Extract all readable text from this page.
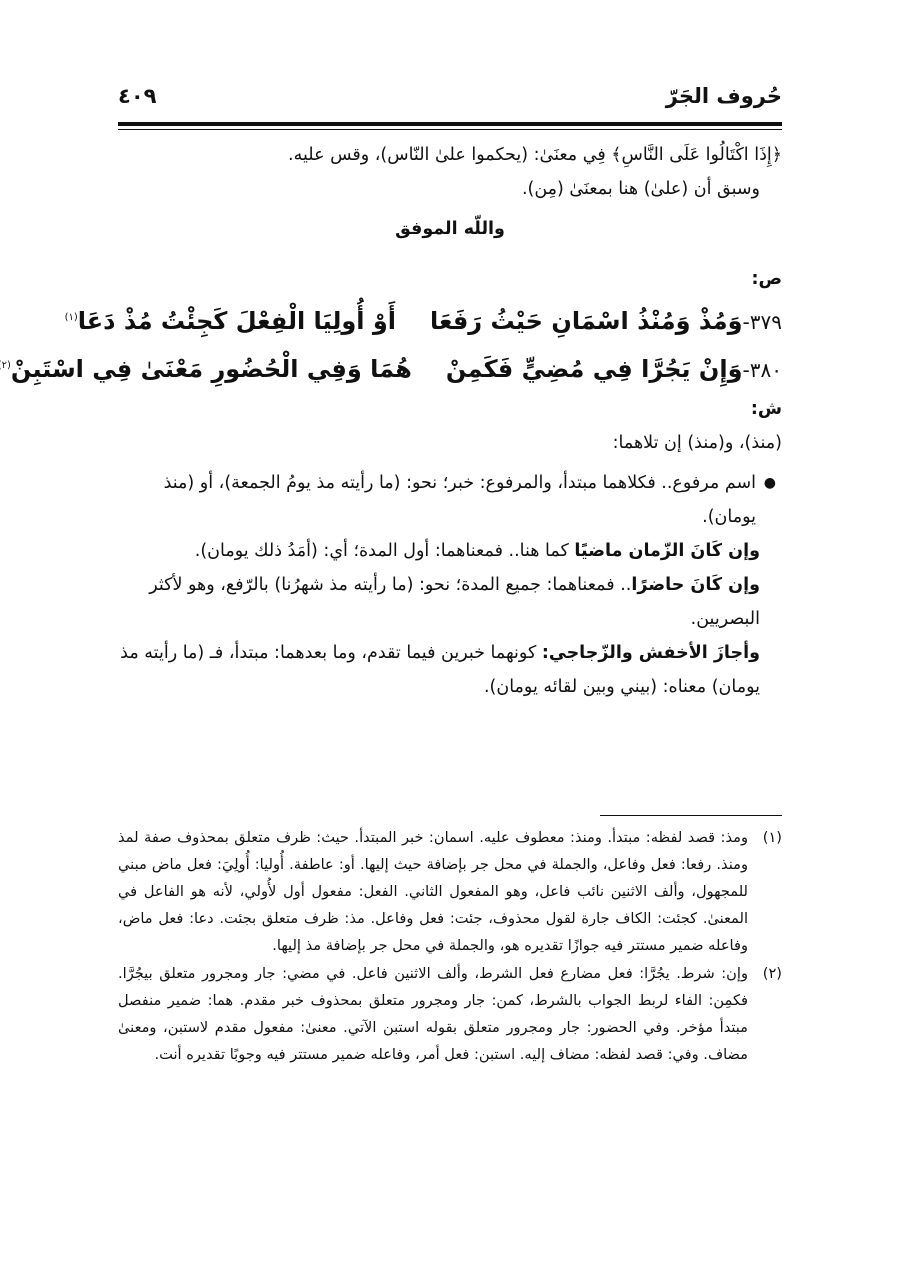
حُروف الجَرّ
٤٠٩

﴿إِذَا اكْتَالُوا عَلَى النَّاسِ﴾ فِي معنَىٰ: (يحكموا علىٰ النّاس)، وقس عليه.

وسبق أن (علىٰ) هنا بمعنَىٰ (مِن).

واللّه الموفق

ص:

٣٧٩-وَمُذْ وَمُنْذُ اسْمَانِ حَيْثُ رَفَعَاأَوْ أُولِيَا الْفِعْلَ كَجِئْتُ مُذْ دَعَا$^{(١)}$

٣٨٠-وَإِنْ يَجُرَّا فِي مُضِيٍّ فَكَمِنْهُمَا وَفِي الْحُضُورِ مَعْنَىٰ فِي اسْتَبِنْ$^{(٢}$

ش:

(منذ)، و(منذ) إن تلاهما:

●
اسم مرفوع.. فكلاهما مبتدأ، والمرفوع: خبر؛ نحو: (ما رأيته مذ يومُ الجمعة)، أو (منذ يومان).

وإن كَانَ الزّمان ماضيًا كما هنا.. فمعناهما: أول المدة؛ أي: (أمَدُ ذلك يومان).

وإن كَانَ حاضرًا.. فمعناهما: جميع المدة؛ نحو: (ما رأيته مذ شهرُنا) بالرّفع، وهو لأكثر البصريين.

وأجازَ الأخفش والزّجاجي: كونهما خبرين فيما تقدم، وما بعدهما: مبتدأ، فـ (ما رأيته مذ يومان) معناه: (بيني وبين لقائه يومان).

(١)
ومذ: قصد لفظه: مبتدأ. ومنذ: معطوف عليه. اسمان: خبر المبتدأ. حيث: ظرف متعلق بمحذوف صفة لمذ ومنذ. رفعا: فعل وفاعل، والجملة في محل جر بإضافة حيث إليها. أو: عاطفة. أُوليا: أُولِيَ: فعل ماض مبني للمجهول، وألف الاثنين نائب فاعل، وهو المفعول الثاني. الفعل: مفعول أول لأُولي، لأنه هو الفاعل في المعنىٰ. كجئت: الكاف جارة لقول محذوف، جئت: فعل وفاعل. مذ: ظرف متعلق بجئت. دعا: فعل ماض، وفاعله ضمير مستتر فيه جوازًا تقديره هو، والجملة في محل جر بإضافة مذ إليها.

(٢)
وإن: شرط. يجُرَّا: فعل مضارع فعل الشرط، وألف الاثنين فاعل. في مضي: جار ومجرور متعلق بيجُرَّا. فكمِن: الفاء لربط الجواب بالشرط، كمن: جار ومجرور متعلق بمحذوف خبر مقدم. هما: ضمير منفصل مبتدأ مؤخر. وفي الحضور: جار ومجرور متعلق بقوله استبن الآتي. معنىٰ: مفعول مقدم لاستبن، ومعنىٰ مضاف. وفي: قصد لفظه: مضاف إليه. استبن: فعل أمر، وفاعله ضمير مستتر فيه وجوبًا تقديره أنت.
